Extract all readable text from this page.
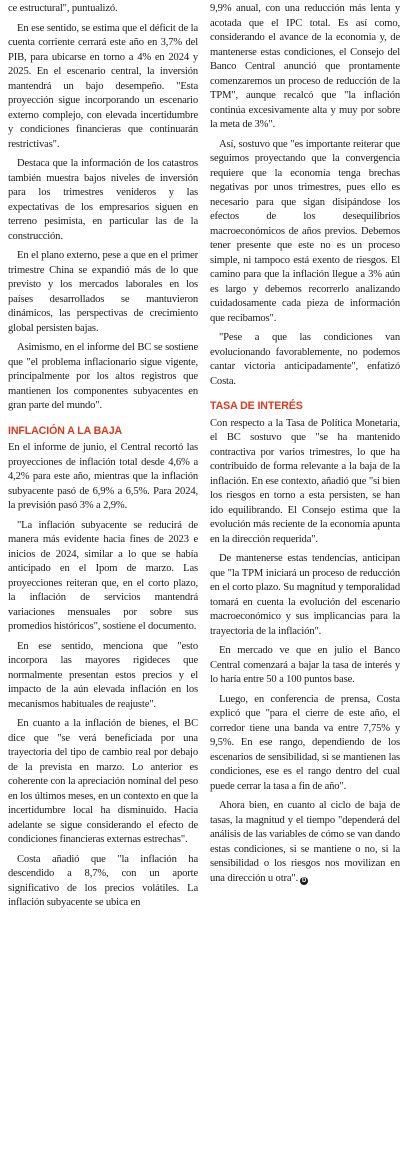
ce estructural", puntualizó.

En ese sentido, se estima que el déficit de la cuenta corriente cerrará este año en 3,7% del PIB, para ubicarse en torno a 4% en 2024 y 2025. En el escenario central, la inversión mantendrá un bajo desempeño. "Esta proyección sigue incorporando un escenario externo complejo, con elevada incertidumbre y condiciones financieras que continuarán restrictivas".

Destaca que la información de los catastros también muestra bajos niveles de inversión para los trimestres venideros y las expectativas de los empresarios siguen en terreno pesimista, en particular las de la construcción.

En el plano externo, pese a que en el primer trimestre China se expandió más de lo que previsto y los mercados laborales en los países desarrollados se mantuvieron dinámicos, las perspectivas de crecimiento global persisten bajas.

Asimismo, en el informe del BC se sostiene que "el problema inflacionario sigue vigente, principalmente por los altos registros que mantienen los componentes subyacentes en gran parte del mundo".

INFLACIÓN A LA BAJA

En el informe de junio, el Central recortó las proyecciones de inflación total desde 4,6% a 4,2% para este año, mientras que la inflación subyacente pasó de 6,9% a 6,5%. Para 2024, la previsión pasó 3% a 2,9%.

"La inflación subyacente se reducirá de manera más evidente hacia fines de 2023 e inicios de 2024, similar a lo que se había anticipado en el Ipom de marzo. Las proyecciones reiteran que, en el corto plazo, la inflación de servicios mantendrá variaciones mensuales por sobre sus promedios históricos", sostiene el documento.

En ese sentido, menciona que "esto incorpora las mayores rigideces que normalmente presentan estos precios y el impacto de la aún elevada inflación en los mecanismos habituales de reajuste".

En cuanto a la inflación de bienes, el BC dice que "se verá beneficiada por una trayectoria del tipo de cambio real por debajo de la prevista en marzo. Lo anterior es coherente con la apreciación nominal del peso en los últimos meses, en un contexto en que la incertidumbre local ha disminuido. Hacia adelante se sigue considerando el efecto de condiciones financieras externas estrechas".

Costa añadió que "la inflación ha descendido a 8,7%, con un aporte significativo de los precios volátiles. La inflación subyacente se ubica en

9,9% anual, con una reducción más lenta y acotada que el IPC total. Es así como, considerando el avance de la economía y, de mantenerse estas condiciones, el Consejo del Banco Central anunció que prontamente comenzaremos un proceso de reducción de la TPM", aunque recalcó que "la inflación continúa excesivamente alta y muy por sobre la meta de 3%".

Así, sostuvo que "es importante reiterar que seguimos proyectando que la convergencia requiere que la economía tenga brechas negativas por unos trimestres, pues ello es necesario para que sigan disipándose los efectos de los desequilibrios macroeconómicos de años previos. Debemos tener presente que este no es un proceso simple, ni tampoco está exento de riesgos. El camino para que la inflación llegue a 3% aún es largo y debemos recorrerlo analizando cuidadosamente cada pieza de información que recibamos".

"Pese a que las condiciones van evolucionando favorablemente, no podemos cantar victoria anticipadamente", enfatizó Costa.

TASA DE INTERÉS

Con respecto a la Tasa de Política Monetaria, el BC sostuvo que "se ha mantenido contractiva por varios trimestres, lo que ha contribuido de forma relevante a la baja de la inflación. En ese contexto, añadió que "si bien los riesgos en torno a esta persisten, se han ido equilibrando. El Consejo estima que la evolución más reciente de la economía apunta en la dirección requerida".

De mantenerse estas tendencias, anticipan que "la TPM iniciará un proceso de reducción en el corto plazo. Su magnitud y temporalidad tomará en cuenta la evolución del escenario macroeconómico y sus implicancias para la trayectoria de la inflación".

En mercado ve que en julio el Banco Central comenzará a bajar la tasa de interés y lo haría entre 50 a 100 puntos base.

Luego, en conferencia de prensa, Costa explicó que "para el cierre de este año, el corredor tiene una banda va entre 7,75% y 9,5%. En ese rango, dependiendo de los escenarios de sensibilidad, si se mantienen las condiciones, ese es el rango dentro del cual puede cerrar la tasa a fin de año".

Ahora bien, en cuanto al ciclo de baja de tasas, la magnitud y el tiempo "dependerá del análisis de las variables de cómo se van dando estas condiciones, si se mantiene o no, si la sensibilidad o los riesgos nos movilizan en una dirección u otra". D
